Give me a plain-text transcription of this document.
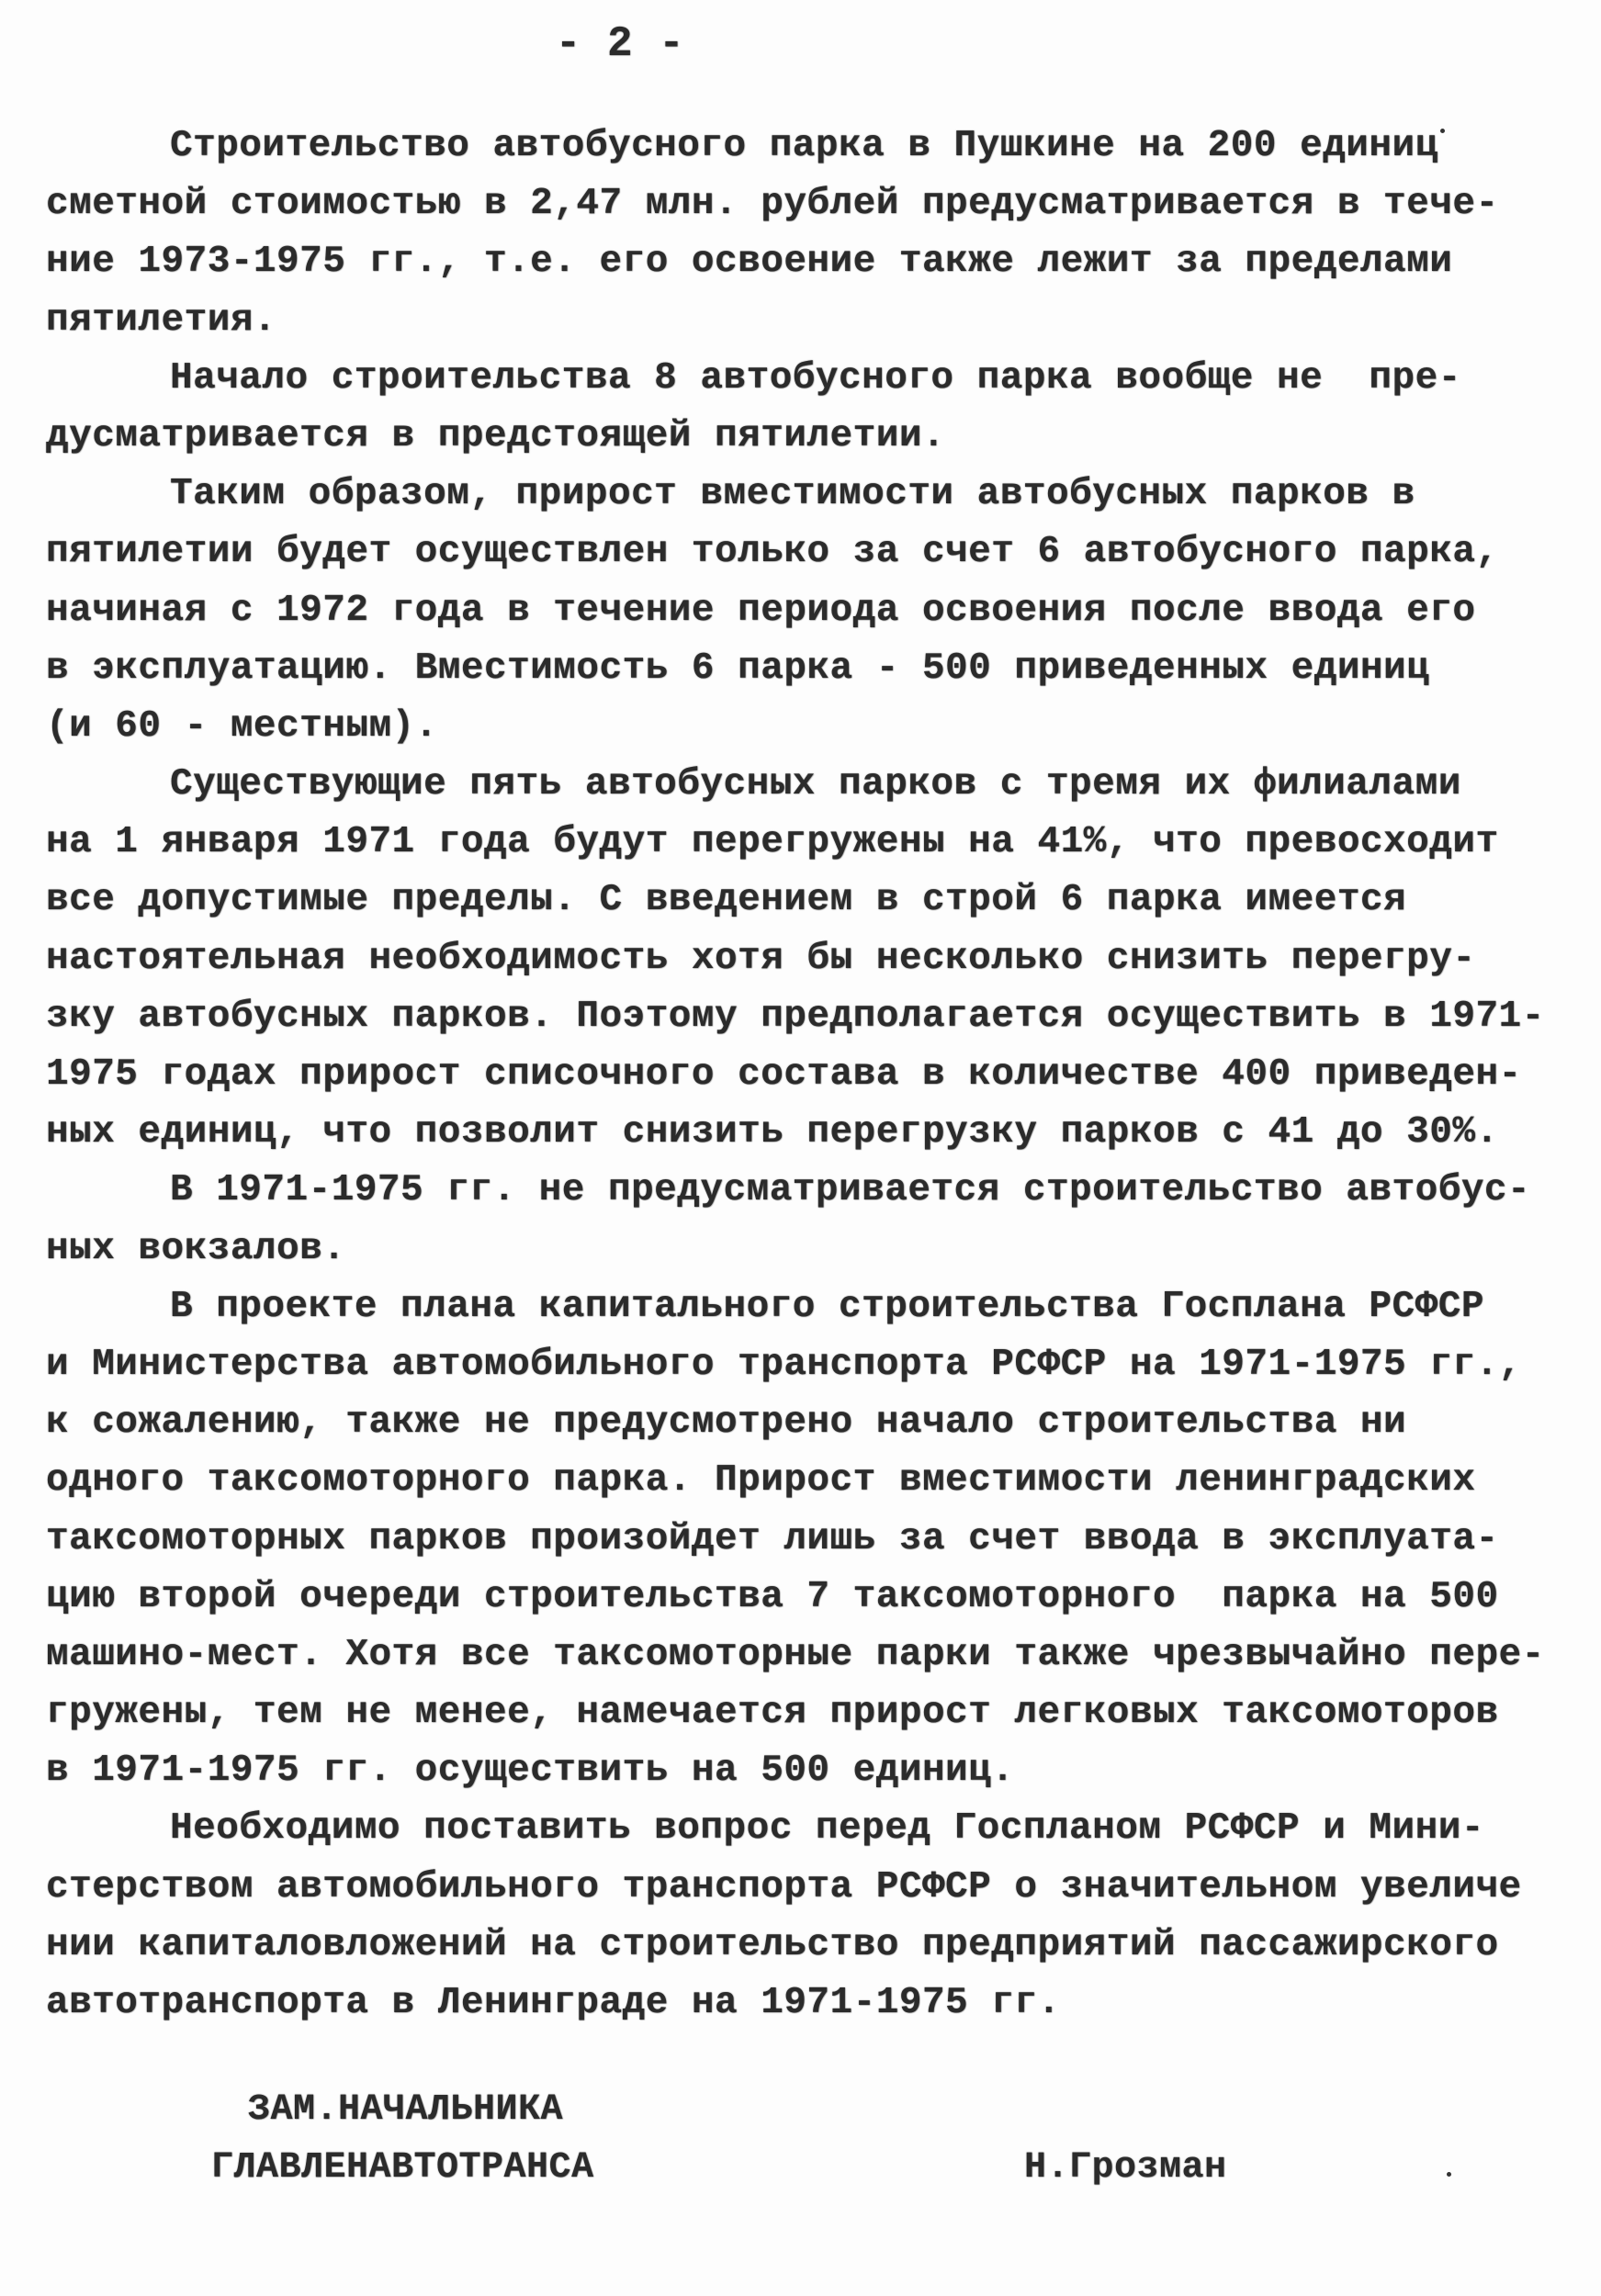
- 2 -
Строительство автобусного парка в Пушкине на 200 единиц
сметной стоимостью в 2,47 млн. рублей предусматривается в тече-
ние 1973-1975 гг., т.е. его освоение также лежит за пределами
пятилетия.
Начало строительства 8 автобусного парка вообще не  пре-
дусматривается в предстоящей пятилетии.
Таким образом, прирост вместимости автобусных парков в
пятилетии будет осуществлен только за счет 6 автобусного парка,
начиная с 1972 года в течение периода освоения после ввода его
в эксплуатацию. Вместимость 6 парка - 500 приведенных единиц
(и 60 - местным).
Существующие пять автобусных парков с тремя их филиалами
на 1 января 1971 года будут перегружены на 41%, что превосходит
все допустимые пределы. С введением в строй 6 парка имеется
настоятельная необходимость хотя бы несколько снизить перегру-
зку автобусных парков. Поэтому предполагается осуществить в 1971-
1975 годах прирост списочного состава в количестве 400 приведен-
ных единиц, что позволит снизить перегрузку парков с 41 до 30%.
В 1971-1975 гг. не предусматривается строительство автобус-
ных вокзалов.
В проекте плана капитального строительства Госплана РСФСР
и Министерства автомобильного транспорта РСФСР на 1971-1975 гг.,
к сожалению, также не предусмотрено начало строительства ни
одного таксомоторного парка. Прирост вместимости ленинградских
таксомоторных парков произойдет лишь за счет ввода в эксплуата-
цию второй очереди строительства 7 таксомоторного  парка на 500
машино-мест. Хотя все таксомоторные парки также чрезвычайно пере-
гружены, тем не менее, намечается прирост легковых таксомоторов
в 1971-1975 гг. осуществить на 500 единиц.
Необходимо поставить вопрос перед Госпланом РСФСР и Мини-
стерством автомобильного транспорта РСФСР о значительном увеличе
нии капиталовложений на строительство предприятий пассажирского
автотранспорта в Ленинграде на 1971-1975 гг.
ЗАМ.НАЧАЛЬНИКА
ГЛАВЛЕНАВТОТРАНСА	Н.Грозман
